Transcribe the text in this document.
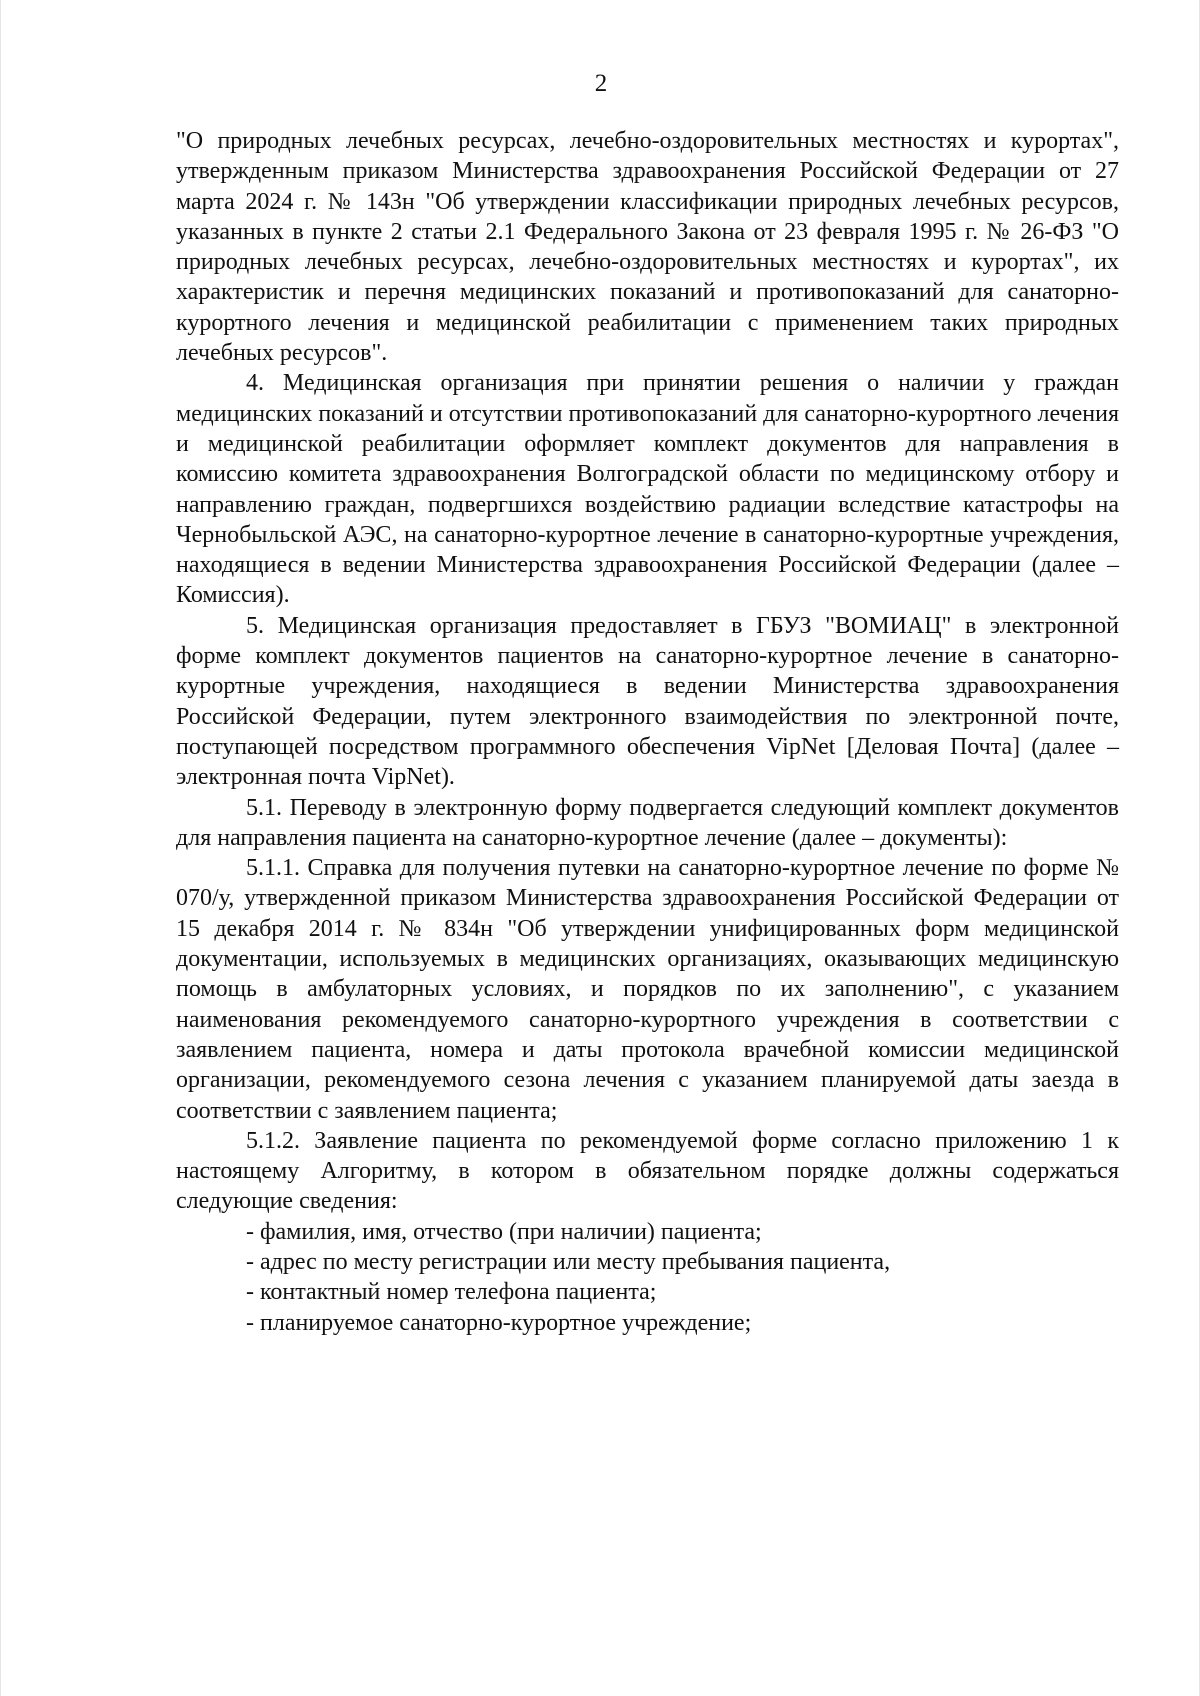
2

"О природных лечебных ресурсах, лечебно-оздоровительных местностях и курортах", утвержденным приказом Министерства здравоохранения Российской Федерации от 27 марта 2024 г. № 143н "Об утверждении классификации природных лечебных ресурсов, указанных в пункте 2 статьи 2.1 Федерального Закона от 23 февраля 1995 г. № 26-ФЗ "О природных лечебных ресурсах, лечебно-оздоровительных местностях и курортах", их характеристик и перечня медицинских показаний и противопоказаний для санаторно-курортного лечения и медицинской реабилитации с применением таких природных лечебных ресурсов".

4. Медицинская организация при принятии решения о наличии у граждан медицинских показаний и отсутствии противопоказаний для санаторно-курортного лечения и медицинской реабилитации оформляет комплект документов для направления в комиссию комитета здравоохранения Волгоградской области по медицинскому отбору и направлению граждан, подвергшихся воздействию радиации вследствие катастрофы на Чернобыльской АЭС, на санаторно-курортное лечение в санаторно-курортные учреждения, находящиеся в ведении Министерства здравоохранения Российской Федерации (далее – Комиссия).

5. Медицинская организация предоставляет в ГБУЗ "ВОМИАЦ" в электронной форме комплект документов пациентов на санаторно-курортное лечение в санаторно-курортные учреждения, находящиеся в ведении Министерства здравоохранения Российской Федерации, путем электронного взаимодействия по электронной почте, поступающей посредством программного обеспечения VipNet [Деловая Почта] (далее – электронная почта VipNet).

5.1. Переводу в электронную форму подвергается следующий комплект документов для направления пациента на санаторно-курортное лечение (далее – документы):

5.1.1. Справка для получения путевки на санаторно-курортное лечение по форме № 070/у, утвержденной приказом Министерства здравоохранения Российской Федерации от 15 декабря 2014 г. № 834н "Об утверждении унифицированных форм медицинской документации, используемых в медицинских организациях, оказывающих медицинскую помощь в амбулаторных условиях, и порядков по их заполнению", с указанием наименования рекомендуемого санаторно-курортного учреждения в соответствии с заявлением пациента, номера и даты протокола врачебной комиссии медицинской организации, рекомендуемого сезона лечения с указанием планируемой даты заезда в соответствии с заявлением пациента;

5.1.2. Заявление пациента по рекомендуемой форме согласно приложению 1 к настоящему Алгоритму, в котором в обязательном порядке должны содержаться следующие сведения:

- фамилия, имя, отчество (при наличии) пациента;

- адрес по месту регистрации или месту пребывания пациента,

- контактный номер телефона пациента;

- планируемое санаторно-курортное учреждение;
